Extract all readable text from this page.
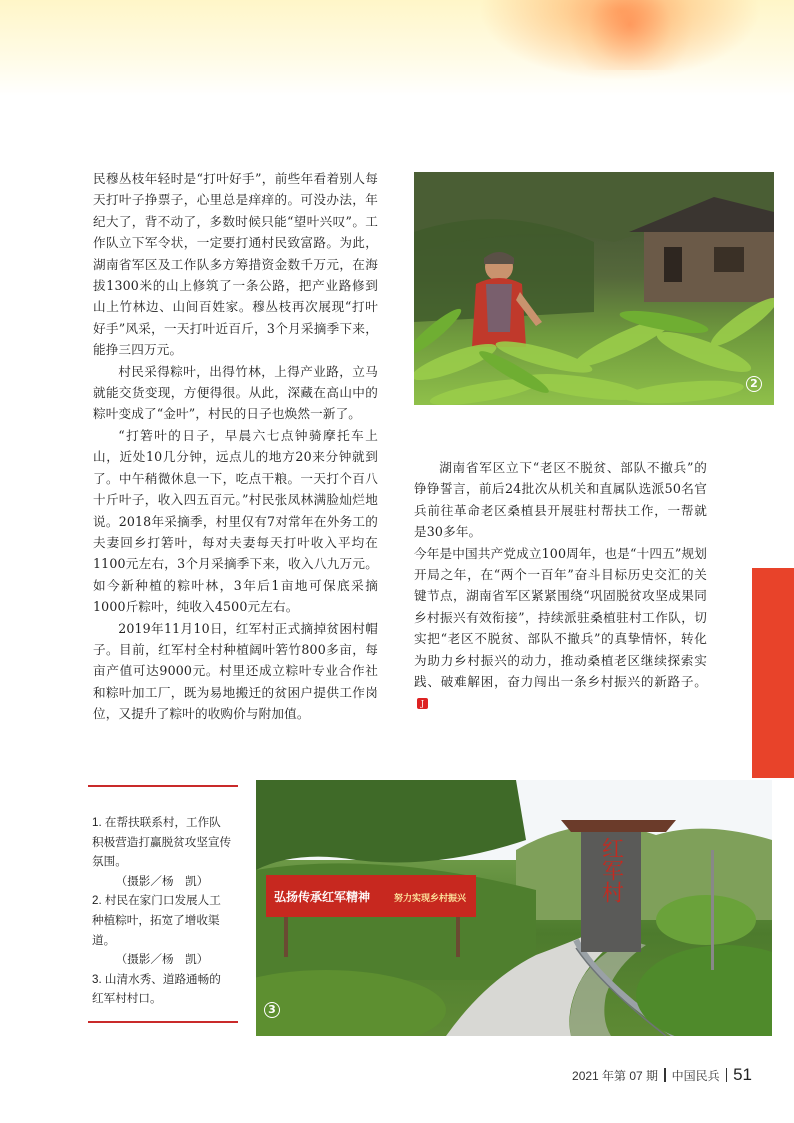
民穆丛枝年轻时是“打叶好手”，前些年看着别人每天打叶子挣票子，心里总是痒痒的。可没办法，年纪大了，背不动了，多数时候只能“望叶兴叹”。工作队立下军令状，一定要打通村民致富路。为此，湖南省军区及工作队多方筹措资金数千万元，在海拔1300米的山上修筑了一条公路，把产业路修到山上竹林边、山间百姓家。穆丛枝再次展现“打叶好手”风采，一天打叶近百斤，3个月采摘季下来，能挣三四万元。

村民采得粽叶，出得竹林，上得产业路，立马就能交货变现，方便得很。从此，深藏在高山中的粽叶变成了“金叶”，村民的日子也焕然一新了。

“打箬叶的日子，早晨六七点钟骑摩托车上山，近处10几分钟，远点儿的地方20来分钟就到了。中午稍微休息一下，吃点干粮。一天打个百八十斤叶子，收入四五百元。”村民张凤林满脸灿烂地说。2018年采摘季，村里仅有7对常年在外务工的夫妻回乡打箬叶，每对夫妻每天打叶收入平均在1100元左右，3个月采摘季下来，收入八九万元。如今新种植的粽叶林，3年后1亩地可保底采摘1000斤粽叶，纯收入4500元左右。

2019年11月10日，红军村正式摘掉贫困村帽子。目前，红军村全村种植阔叶箬竹800多亩，每亩产值可达9000元。村里还成立粽叶专业合作社和粽叶加工厂，既为易地搬迁的贫困户提供工作岗位，又提升了粽叶的收购价与附加值。

2

湖南省军区立下“老区不脱贫、部队不撤兵”的铮铮誓言，前后24批次从机关和直属队选派50名官兵前往革命老区桑植县开展驻村帮扶工作，一帮就是30多年。

今年是中国共产党成立100周年，也是“十四五”规划开局之年，在“两个一百年”奋斗目标历史交汇的关键节点，湖南省军区紧紧围绕“巩固脱贫攻坚成果同乡村振兴有效衔接”，持续派驻桑植驻村工作队，切实把“老区不脱贫、部队不撤兵”的真挚情怀，转化为助力乡村振兴的动力，推动桑植老区继续探索实践、破难解困，奋力闯出一条乡村振兴的新路子。

J
1. 在帮扶联系村，工作队积极营造打赢脱贫攻坚宣传氛围。
（摄影／杨　凯）
2. 村民在家门口发展人工种植粽叶，拓宽了增收渠道。
（摄影／杨　凯）
3. 山清水秀、道路通畅的红军村村口。
弘扬传承红军精神	努力实现乡村振兴	红军村
3
2021 年第 07 期 中国民兵 51
